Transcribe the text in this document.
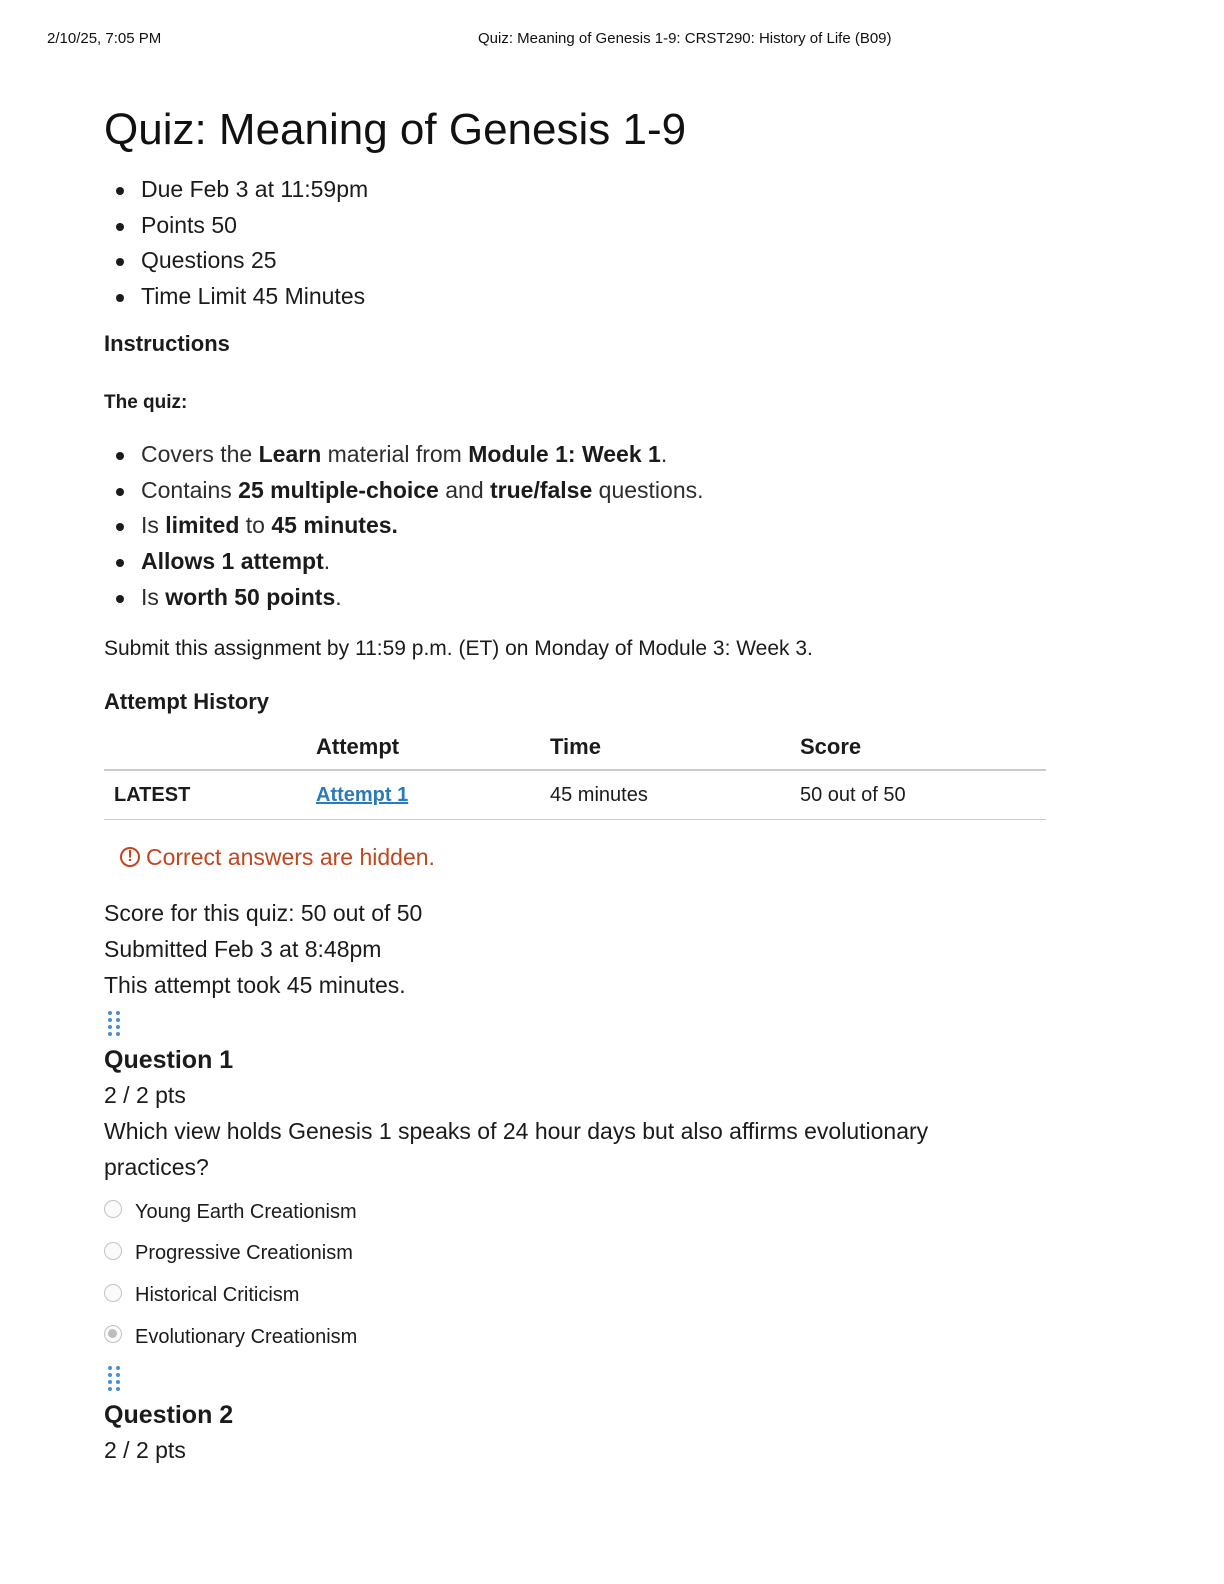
2/10/25, 7:05 PM	Quiz: Meaning of Genesis 1-9: CRST290: History of Life (B09)
Quiz: Meaning of Genesis 1-9
Due Feb 3 at 11:59pm
Points 50
Questions 25
Time Limit 45 Minutes
Instructions
The quiz:
Covers the Learn material from Module 1: Week 1.
Contains 25 multiple-choice and true/false questions.
Is limited to 45 minutes.
Allows 1 attempt.
Is worth 50 points.
Submit this assignment by 11:59 p.m. (ET) on Monday of Module 3: Week 3.
Attempt History
	Attempt	Time	Score
LATEST	Attempt 1	45 minutes	50 out of 50
! Correct answers are hidden.
Score for this quiz: 50 out of 50
Submitted Feb 3 at 8:48pm
This attempt took 45 minutes.
Question 1
2 / 2 pts
Which view holds Genesis 1 speaks of 24 hour days but also affirms evolutionary practices?
Young Earth Creationism
Progressive Creationism
Historical Criticism
Evolutionary Creationism
Question 2
2 / 2 pts
